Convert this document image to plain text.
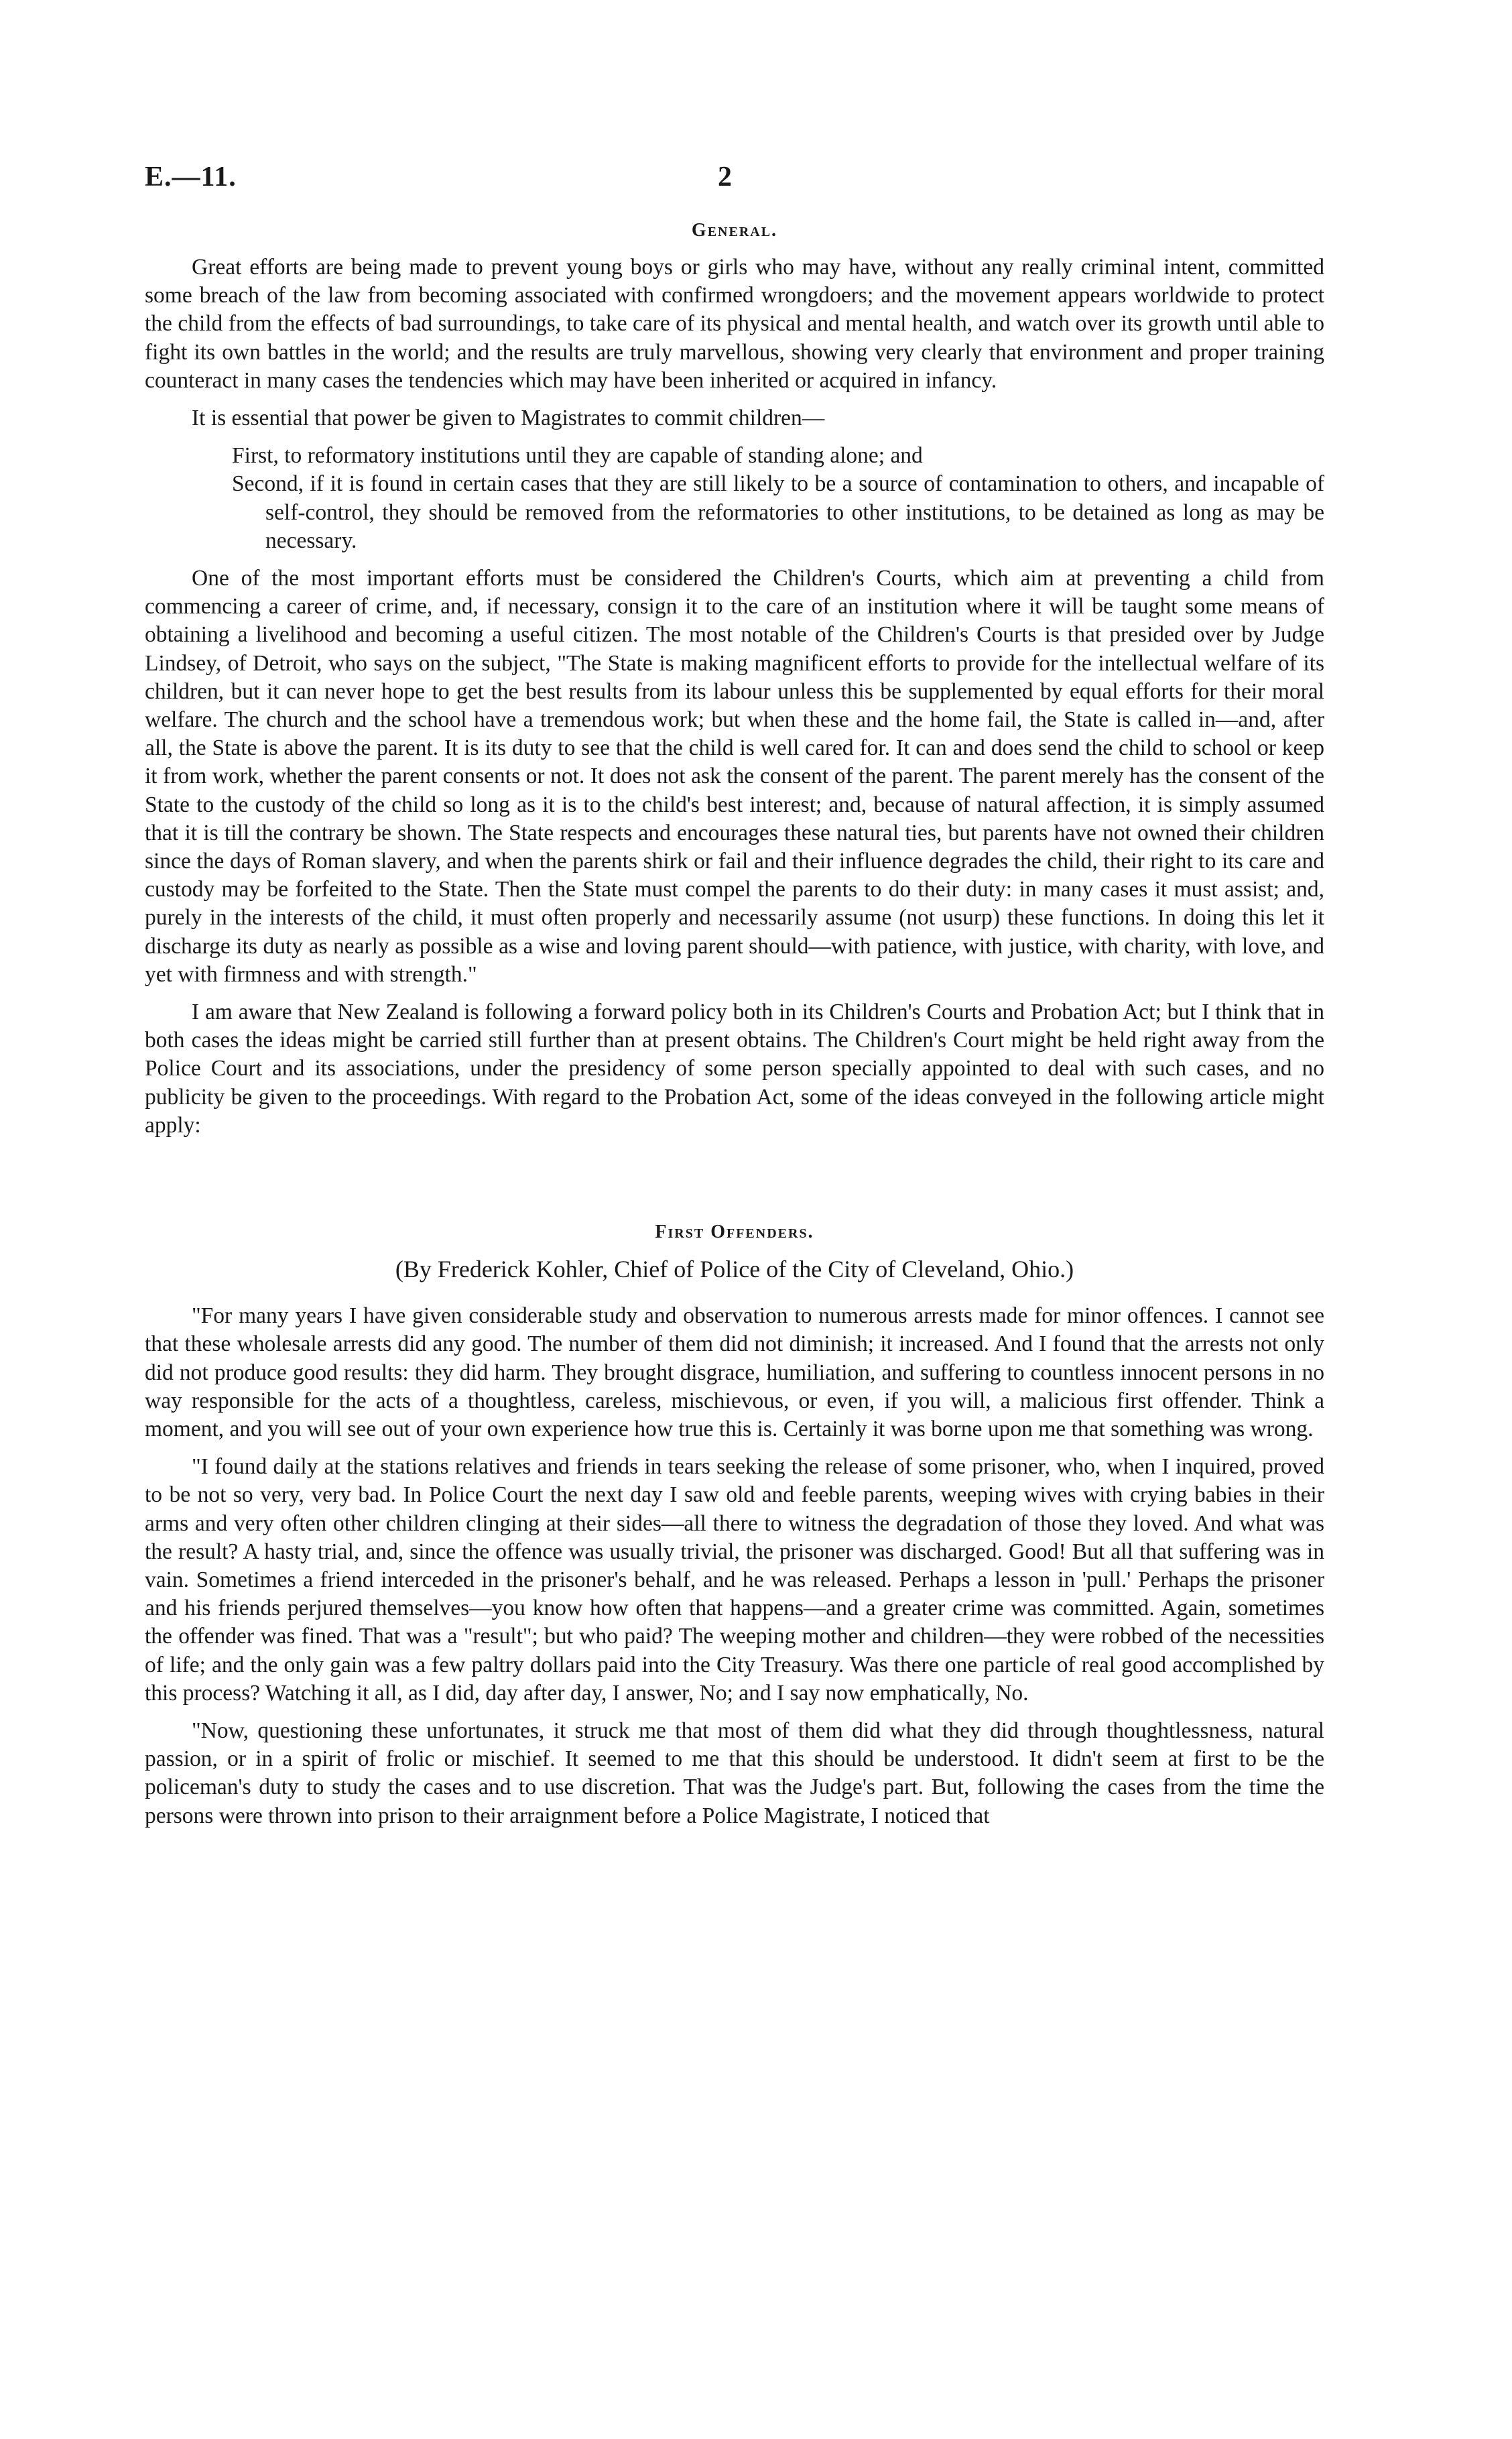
E.—11.	2
General.

Great efforts are being made to prevent young boys or girls who may have, without any really criminal intent, committed some breach of the law from becoming associated with confirmed wrongdoers; and the movement appears worldwide to protect the child from the effects of bad surroundings, to take care of its physical and mental health, and watch over its growth until able to fight its own battles in the world; and the results are truly marvellous, showing very clearly that environment and proper training counteract in many cases the tendencies which may have been inherited or acquired in infancy.

It is essential that power be given to Magistrates to commit children—

First, to reformatory institutions until they are capable of standing alone; and
Second, if it is found in certain cases that they are still likely to be a source of contamination to others, and incapable of self-control, they should be removed from the reformatories to other institutions, to be detained as long as may be necessary.

One of the most important efforts must be considered the Children's Courts, which aim at preventing a child from commencing a career of crime, and, if necessary, consign it to the care of an institution where it will be taught some means of obtaining a livelihood and becoming a useful citizen. The most notable of the Children's Courts is that presided over by Judge Lindsey, of Detroit, who says on the subject, "The State is making magnificent efforts to provide for the intellectual welfare of its children, but it can never hope to get the best results from its labour unless this be supplemented by equal efforts for their moral welfare. The church and the school have a tremendous work; but when these and the home fail, the State is called in—and, after all, the State is above the parent. It is its duty to see that the child is well cared for. It can and does send the child to school or keep it from work, whether the parent consents or not. It does not ask the consent of the parent. The parent merely has the consent of the State to the custody of the child so long as it is to the child's best interest; and, because of natural affection, it is simply assumed that it is till the contrary be shown. The State respects and encourages these natural ties, but parents have not owned their children since the days of Roman slavery, and when the parents shirk or fail and their influence degrades the child, their right to its care and custody may be forfeited to the State. Then the State must compel the parents to do their duty: in many cases it must assist; and, purely in the interests of the child, it must often properly and necessarily assume (not usurp) these functions. In doing this let it discharge its duty as nearly as possible as a wise and loving parent should—with patience, with justice, with charity, with love, and yet with firmness and with strength."

I am aware that New Zealand is following a forward policy both in its Children's Courts and Probation Act; but I think that in both cases the ideas might be carried still further than at present obtains. The Children's Court might be held right away from the Police Court and its associations, under the presidency of some person specially appointed to deal with such cases, and no publicity be given to the proceedings. With regard to the Probation Act, some of the ideas conveyed in the following article might apply:

First Offenders.
(By Frederick Kohler, Chief of Police of the City of Cleveland, Ohio.)

"For many years I have given considerable study and observation to numerous arrests made for minor offences. I cannot see that these wholesale arrests did any good. The number of them did not diminish; it increased. And I found that the arrests not only did not produce good results: they did harm. They brought disgrace, humiliation, and suffering to countless innocent persons in no way responsible for the acts of a thoughtless, careless, mischievous, or even, if you will, a malicious first offender. Think a moment, and you will see out of your own experience how true this is. Certainly it was borne upon me that something was wrong.

"I found daily at the stations relatives and friends in tears seeking the release of some prisoner, who, when I inquired, proved to be not so very, very bad. In Police Court the next day I saw old and feeble parents, weeping wives with crying babies in their arms and very often other children clinging at their sides—all there to witness the degradation of those they loved. And what was the result? A hasty trial, and, since the offence was usually trivial, the prisoner was discharged. Good! But all that suffering was in vain. Sometimes a friend interceded in the prisoner's behalf, and he was released. Perhaps a lesson in 'pull.' Perhaps the prisoner and his friends perjured themselves—you know how often that happens—and a greater crime was committed. Again, sometimes the offender was fined. That was a "result"; but who paid? The weeping mother and children—they were robbed of the necessities of life; and the only gain was a few paltry dollars paid into the City Treasury. Was there one particle of real good accomplished by this process? Watching it all, as I did, day after day, I answer, No; and I say now emphatically, No.

"Now, questioning these unfortunates, it struck me that most of them did what they did through thoughtlessness, natural passion, or in a spirit of frolic or mischief. It seemed to me that this should be understood. It didn't seem at first to be the policeman's duty to study the cases and to use discretion. That was the Judge's part. But, following the cases from the time the persons were thrown into prison to their arraignment before a Police Magistrate, I noticed that
